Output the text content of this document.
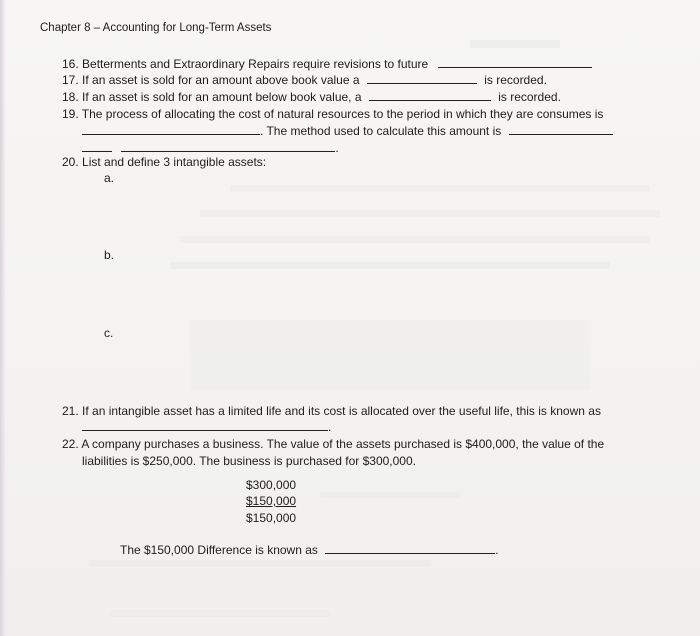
Chapter 8 – Accounting for Long-Term Assets
16. Betterments and Extraordinary Repairs require revisions to future
17. If an asset is sold for an amount above book value a	is recorded.
18. If an asset is sold for an amount below book value, a	is recorded.
19. The process of allocating the cost of natural resources to the period in which they are consumes is
. The method used to calculate this amount is
.
20. List and define 3 intangible assets:
a.
b.
c.
21. If an intangible asset has a limited life and its cost is allocated over the useful life, this is known as
.
22. A company purchases a business. The value of the assets purchased is $400,000, the value of the
liabilities is $250,000. The business is purchased for $300,000.
$300,000
$150,000
$150,000
The $150,000 Difference is known as	.
